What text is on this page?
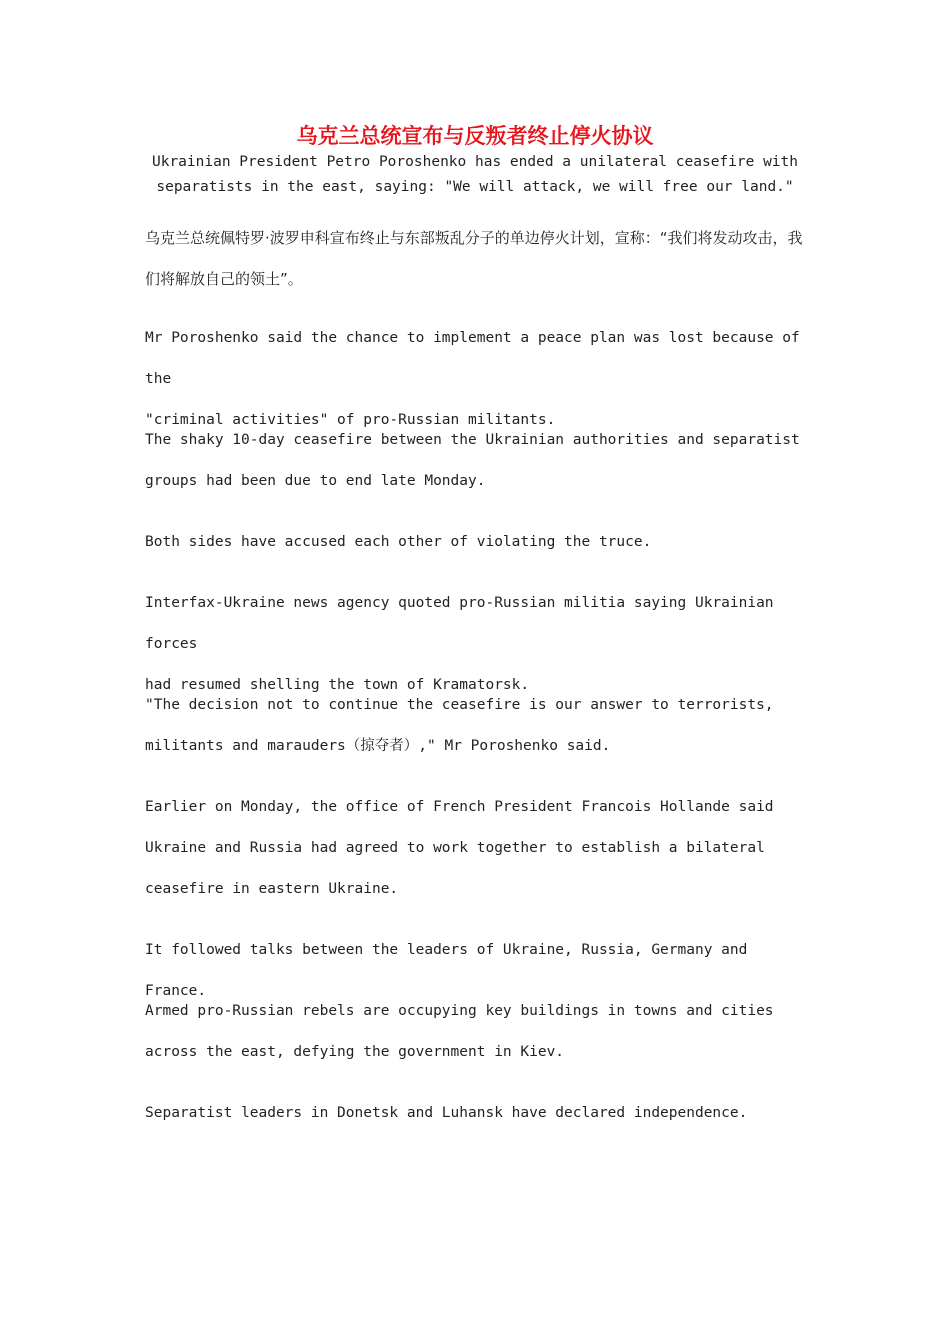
乌克兰总统宣布与反叛者终止停火协议

Ukrainian President Petro Poroshenko has ended a unilateral ceasefire with
separatists in the east, saying: "We will attack, we will free our land."

乌克兰总统佩特罗·波罗申科宣布终止与东部叛乱分子的单边停火计划，宣称：“我们将发动攻击，我们将解放自己的领土”。

Mr Poroshenko said the chance to implement a peace plan was lost because of the
"criminal activities" of pro-Russian militants.

The shaky 10-day ceasefire between the Ukrainian authorities and separatist
groups had been due to end late Monday.

Both sides have accused each other of violating the truce.

Interfax-Ukraine news agency quoted pro-Russian militia saying Ukrainian forces
had resumed shelling the town of Kramatorsk.

"The decision not to continue the ceasefire is our answer to terrorists,
militants and marauders（掠夺者）," Mr Poroshenko said.

Earlier on Monday, the office of French President Francois Hollande said
Ukraine and Russia had agreed to work together to establish a bilateral
ceasefire in eastern Ukraine.

It followed talks between the leaders of Ukraine, Russia, Germany and France.

Armed pro-Russian rebels are occupying key buildings in towns and cities
across the east, defying the government in Kiev.

Separatist leaders in Donetsk and Luhansk have declared independence.
